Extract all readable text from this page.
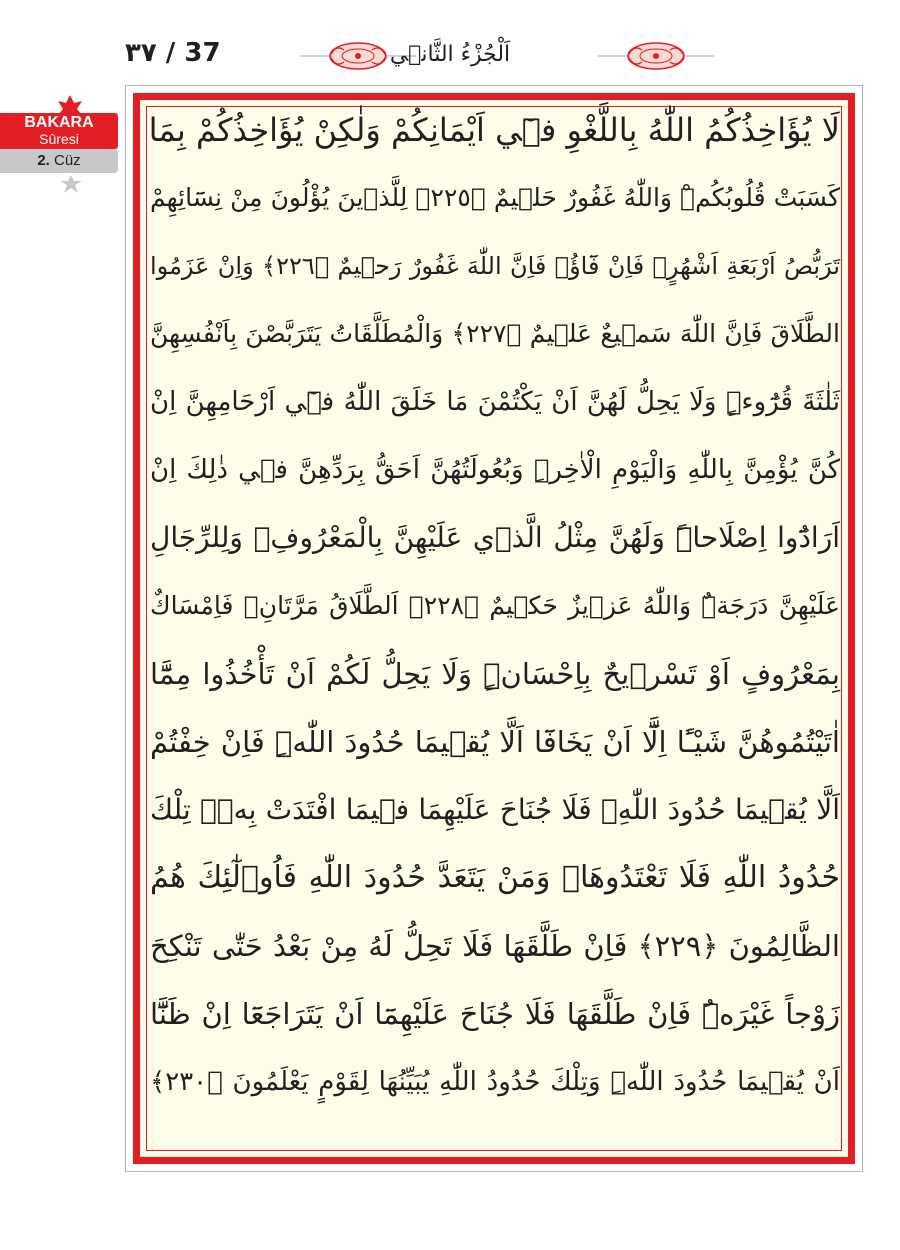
٣٧ / 37	اَلْجُزْءُ الثَّان۪ي
BAKARA
Sûresi
2. Cüz
لَا يُؤَاخِذُكُمُ اللّٰهُ بِاللَّغْوِ ف۪ٓي اَيْمَانِكُمْ وَلٰكِنْ يُؤَاخِذُكُمْ بِمَا
كَسَبَتْ قُلُوبُكُمْۜ وَاللّٰهُ غَفُورٌ حَل۪يمٌ ﴿٢٢٥﴾ لِلَّذ۪ينَ يُؤْلُونَ مِنْ نِسَٓائِهِمْ
تَرَبُّصُ اَرْبَعَةِ اَشْهُرٍۚ فَاِنْ فَٓاؤُ۫ فَاِنَّ اللّٰهَ غَفُورٌ رَح۪يمٌ ﴿٢٢٦﴾ وَاِنْ عَزَمُوا
الطَّلَاقَ فَاِنَّ اللّٰهَ سَم۪يعٌ عَل۪يمٌ ﴿٢٢٧﴾ وَالْمُطَلَّقَاتُ يَتَرَبَّصْنَ بِاَنْفُسِهِنَّ
ثَلٰثَةَ قُرُٓوءٍۜ وَلَا يَحِلُّ لَهُنَّ اَنْ يَكْتُمْنَ مَا خَلَقَ اللّٰهُ ف۪ٓي اَرْحَامِهِنَّ اِنْ
كُنَّ يُؤْمِنَّ بِاللّٰهِ وَالْيَوْمِ الْاٰخِرِۜ وَبُعُولَتُهُنَّ اَحَقُّ بِرَدِّهِنَّ ف۪ي ذٰلِكَ اِنْ
اَرَادُٓوا اِصْلَاحاًۜ وَلَهُنَّ مِثْلُ الَّذ۪ي عَلَيْهِنَّ بِالْمَعْرُوفِۖ وَلِلرِّجَالِ
عَلَيْهِنَّ دَرَجَةٌۜ وَاللّٰهُ عَز۪يزٌ حَك۪يمٌ ﴿٢٢٨﴾ اَلطَّلَاقُ مَرَّتَانِۖ فَاِمْسَاكٌ
بِمَعْرُوفٍ اَوْ تَسْر۪يحٌ بِاِحْسَانٍۜ وَلَا يَحِلُّ لَكُمْ اَنْ تَأْخُذُوا مِمَّٓا
اٰتَيْتُمُوهُنَّ شَيْـًٔا اِلَّٓا اَنْ يَخَافَٓا اَلَّا يُق۪يمَا حُدُودَ اللّٰهِۜ فَاِنْ خِفْتُمْ
اَلَّا يُق۪يمَا حُدُودَ اللّٰهِۙ فَلَا جُنَاحَ عَلَيْهِمَا ف۪يمَا افْتَدَتْ بِه۪ۜ تِلْكَ
حُدُودُ اللّٰهِ فَلَا تَعْتَدُوهَاۚ وَمَنْ يَتَعَدَّ حُدُودَ اللّٰهِ فَاُو۬لٰٓئِكَ هُمُ
الظَّالِمُونَ ﴿٢٢٩﴾ فَاِنْ طَلَّقَهَا فَلَا تَحِلُّ لَهُ مِنْ بَعْدُ حَتّٰى تَنْكِحَ
زَوْجاً غَيْرَهُۜ فَاِنْ طَلَّقَهَا فَلَا جُنَاحَ عَلَيْهِمَٓا اَنْ يَتَرَاجَعَٓا اِنْ ظَنَّٓا
اَنْ يُق۪يمَا حُدُودَ اللّٰهِۜ وَتِلْكَ حُدُودُ اللّٰهِ يُبَيِّنُهَا لِقَوْمٍ يَعْلَمُونَ ﴿٢٣٠﴾
